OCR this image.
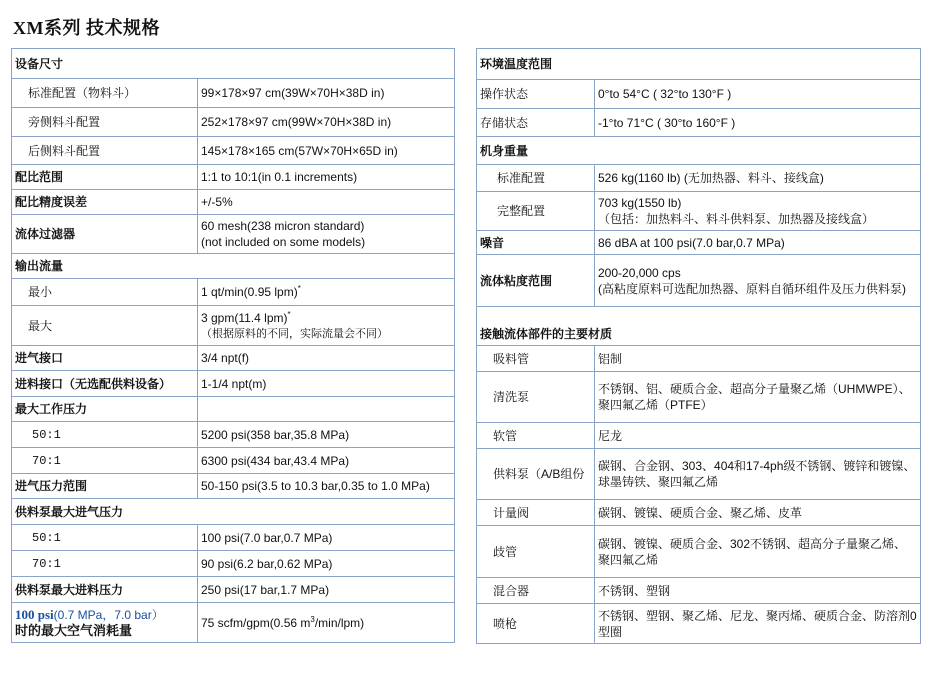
XM系列 技术规格
设备尺寸	
标准配置（物料斗）	99×178×97 cm(39W×70H×38D in)
旁侧料斗配置	252×178×97 cm(99W×70H×38D in)
后侧料斗配置	145×178×165 cm(57W×70H×65D in)
配比范围	1:1 to 10:1(in 0.1 increments)
配比精度误差	+/-5%
流体过滤器	60 mesh(238 micron standard)
(not included on some models)

输出流量	
最小	1 qt/min(0.95 lpm)*
最大	3 gpm(11.4 lpm)*
（根据原料的不同，实际流量会不同）

进气接口	3/4 npt(f)
进料接口（无选配供料设备）	1-1/4 npt(m)
最大工作压力	
50:1	5200 psi(358 bar,35.8 MPa)
70:1	6300 psi(434 bar,43.4 MPa)
进气压力范围	50-150 psi(3.5 to 10.3 bar,0.35 to 1.0 MPa)
供料泵最大进气压力	
50:1	100 psi(7.0 bar,0.7 MPa)
70:1	90 psi(6.2 bar,0.62 MPa)
供料泵最大进料压力	250 psi(17 bar,1.7 MPa)

100 psi(0.7 MPa，7.0 bar）
时的最大空气消耗量	75 scfm/gpm(0.56 $m^3/\min/lpm$)
环境温度范围	
操作状态	0°to 54°C ( 32°to 130°F )
存储状态	-1°to 71°C ( 30°to 160°F )
机身重量	
标准配置	526 kg(1160 lb) (无加热器、料斗、接线盒)
完整配置	703 kg(1550 lb)
（包括：加热料斗、料斗供料泵、加热器及接线盒）

噪音	86 dBA at 100 psi(7.0 bar,0.7 MPa)
流体粘度范围	200-20,000 cps
(高粘度原料可选配加热器、原料自循环组件及压力供料泵)

接触流体部件的主要材质	
吸料管	铝制
清洗泵	不锈钢、铝、硬质合金、超高分子量聚乙烯（UHMWPE）、聚四氟乙烯（PTFE）
软管	尼龙
供料泵（A/B组份	碳钢、合金钢、303、404和17-4ph级不锈钢、镀锌和镀镍、球墨铸铁、聚四氟乙烯
计量阀	碳钢、镀镍、硬质合金、聚乙烯、皮革
歧管	碳钢、镀镍、硬质合金、302不锈钢、超高分子量聚乙烯、聚四氟乙烯
混合器	不锈钢、塑钢
喷枪	不锈钢、塑钢、聚乙烯、尼龙、聚丙烯、硬质合金、防溶剂0型圈
